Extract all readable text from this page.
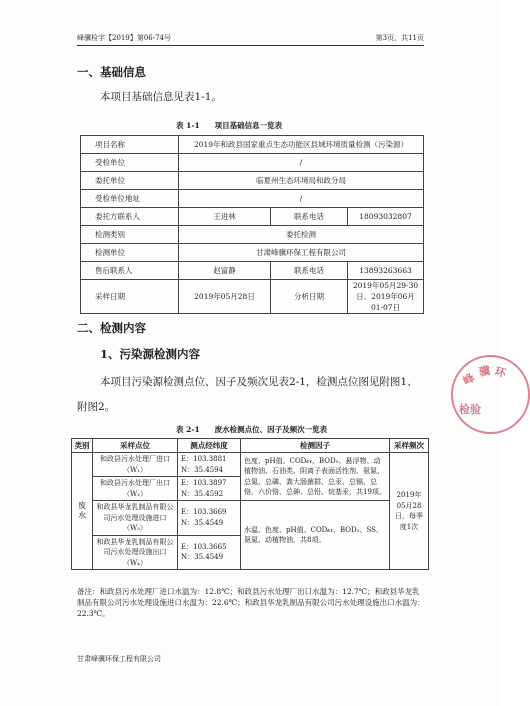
峰骥检字【2019】第06-74号	第3页，共11页
一、基础信息
本项目基础信息见表1-1。
表 1-1　　项目基础信息一览表
项目名称	2019年和政县国家重点生态功能区县域环境质量检测（污染源）		
受检单位	/		
委托单位	临夏州生态环境局和政分局		
受检单位地址	/		
委托方联系人	王进林	联系电话	18093032807
检测类别	委托检测		
检测单位	甘肃峰骥环保工程有限公司		
售后联系人	赵富静	联系电话	13893263663
采样日期	2019年05月28日	分析日期	2019年05月29-30日、2019年06月01-07日
二、检测内容
1、污染源检测内容
本项目污染源检测点位、因子及频次见表2-1，检测点位图见附图1、附图2。
表 2-1　　废水检测点位、因子及频次一览表
类别	采样点位	测点经纬度	检测因子	采样频次
废水	和政县污水处理厂进口（W₁）	E：103.3881
N：35.4594	色度、pH值、COD𝒸𝓇、BOD₅、悬浮物、动植物油、石油类、阴离子表面活性剂、氨氮、总氮、总磷、粪大肠菌群、总汞、总镉、总铬、六价铬、总砷、总铅、烷基汞，共19项。	2019年05月28日，每季度1次
	和政县污水处理厂出口（W₂）	E：103.3897
N：35.4592		

	和政县华龙乳制品有限公司污水处理设施进口（W₃）	E：103.3669
N：35.4549	水温、色度、pH值、COD𝒸𝓇、BOD₅、SS、氨氮、动植物油，共8项。	
	和政县华龙乳制品有限公司污水处理设施出口（W₄）	E：103.3665
N：35.4549		
备注：和政县污水处理厂进口水温为：12.8℃；和政县污水处理厂出口水温为：12.7℃；和政县华龙乳制品有限公司污水处理设施进口水温为：22.6℃；和政县华龙乳制品有限公司污水处理设施出口水温为：22.3℃。
甘肃峰骥环保工程有限公司
峰 骥 环
检验
